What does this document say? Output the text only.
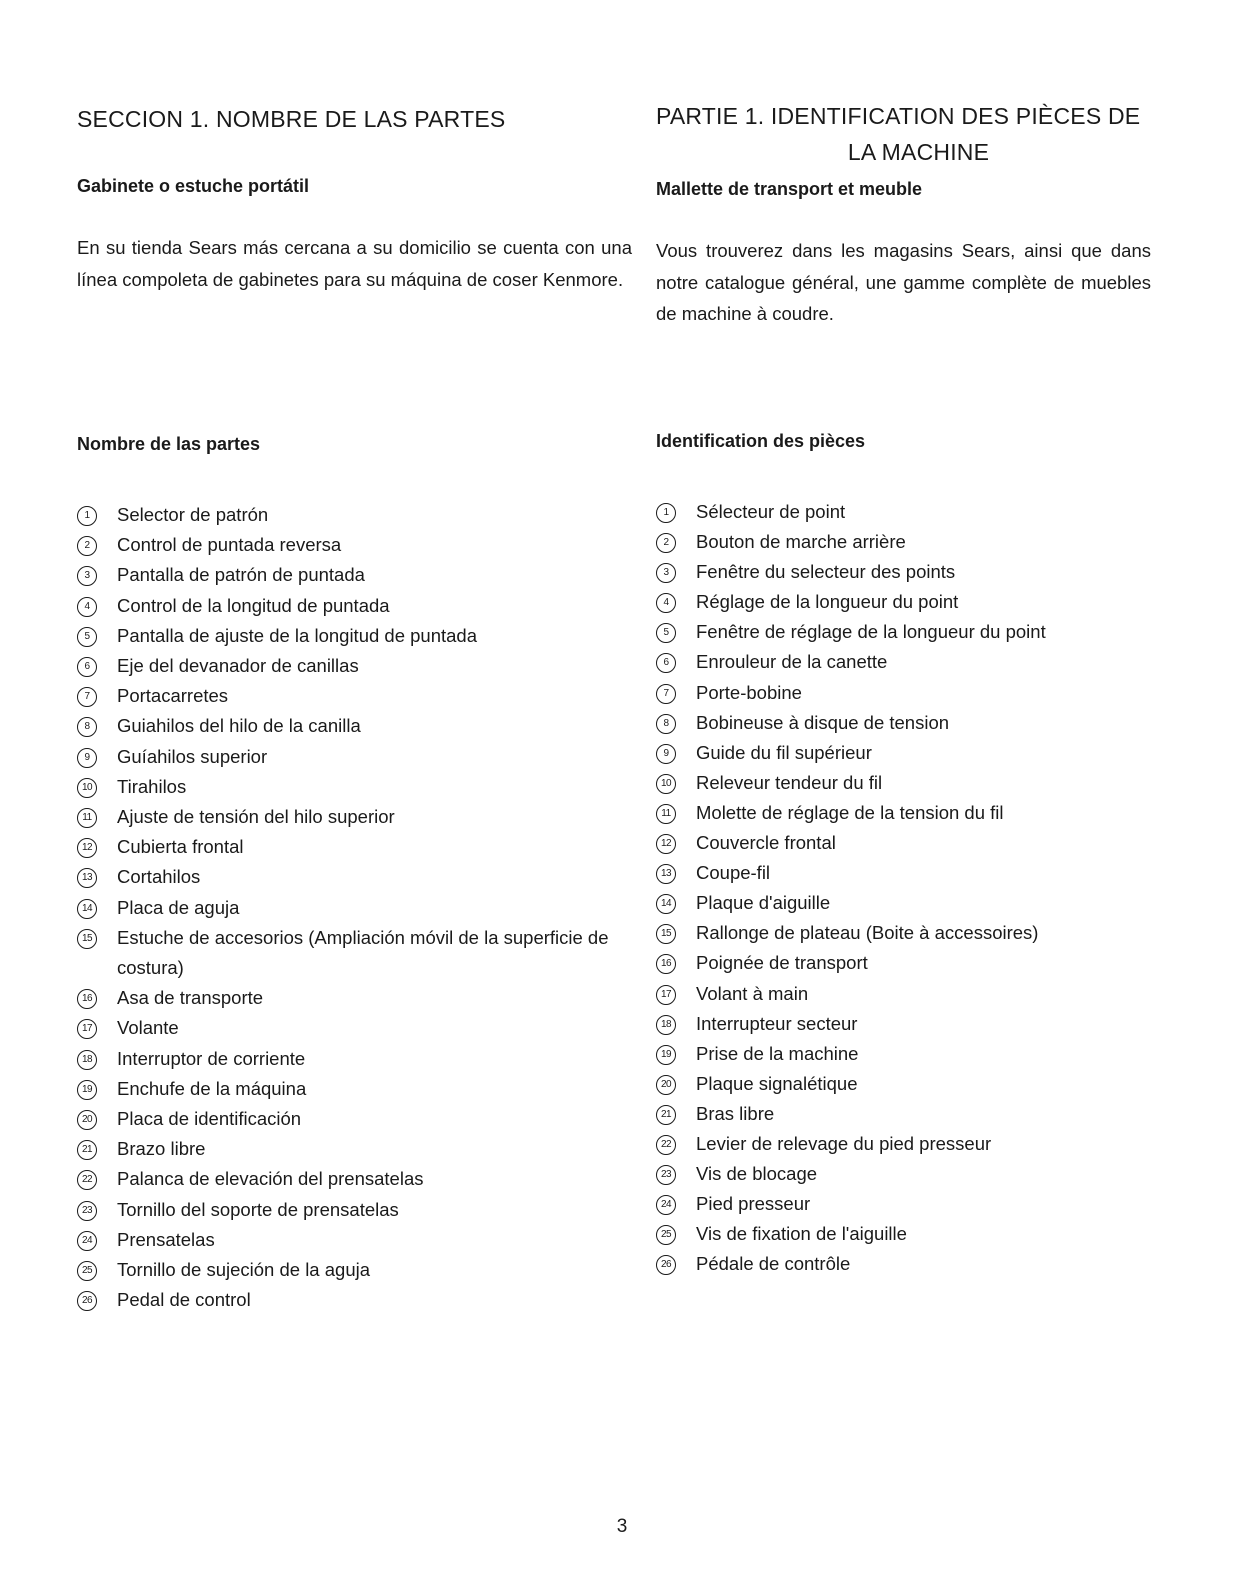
SECCION 1. NOMBRE DE LAS PARTES
Gabinete o estuche portátil

En su tienda Sears más cercana a su domicilio se cuenta con una línea compoleta de gabinetes para su máquina de coser Kenmore.

Nombre de las partes
1	Selector de patrón
2	Control de puntada reversa
3	Pantalla de patrón de puntada
4	Control de la longitud de puntada
5	Pantalla de ajuste de la longitud de puntada
6	Eje del devanador de canillas
7	Portacarretes
8	Guiahilos del hilo de la canilla
9	Guíahilos superior
10 Tirahilos
11 Ajuste de tensión del hilo superior
12 Cubierta frontal
13 Cortahilos
14 Placa de aguja
15 Estuche de accesorios (Ampliación móvil de la superficie de costura)
16 Asa de transporte
17 Volante
18 Interruptor de corriente
19 Enchufe de la máquina
20 Placa de identificación
21 Brazo libre
22 Palanca de elevación del prensatelas
23 Tornillo del soporte de prensatelas
24 Prensatelas
25 Tornillo de sujeción de la aguja
26 Pedal de control
PARTIE 1. IDENTIFICATION DES PIÈCES DE
LA MACHINE
Mallette de transport et meuble

Vous trouverez dans les magasins Sears, ainsi que dans notre catalogue général, une gamme complète de muebles de machine à coudre.

Identification des pièces
1	Sélecteur de point
2	Bouton de marche arrière
3	Fenêtre du selecteur des points
4	Réglage de la longueur du point
5	Fenêtre de réglage de la longueur du point
6	Enrouleur de la canette
7	Porte-bobine
8	Bobineuse à disque de tension
9	Guide du fil supérieur
10 Releveur tendeur du fil
11 Molette de réglage de la tension du fil
12 Couvercle frontal
13 Coupe-fil
14 Plaque d'aiguille
15 Rallonge de plateau (Boite à accessoires)
16 Poignée de transport
17 Volant à main
18 Interrupteur secteur
19 Prise de la machine
20 Plaque signalétique
21 Bras libre
22 Levier de relevage du pied presseur
23 Vis de blocage
24 Pied presseur
25 Vis de fixation de l'aiguille
26 Pédale de contrôle
3
